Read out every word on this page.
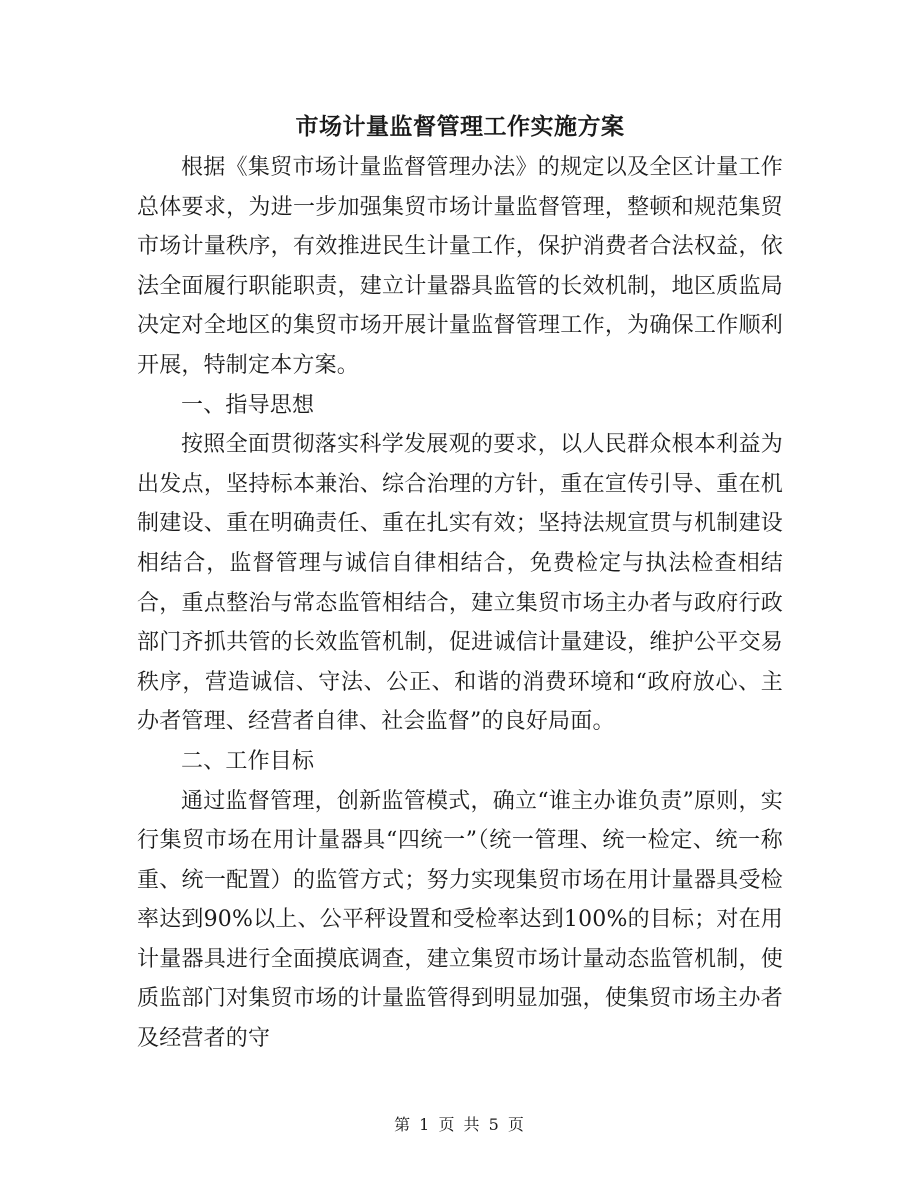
市场计量监督管理工作实施方案

根据《集贸市场计量监督管理办法》的规定以及全区计量工作总体要求，为进一步加强集贸市场计量监督管理，整顿和规范集贸市场计量秩序，有效推进民生计量工作，保护消费者合法权益，依法全面履行职能职责，建立计量器具监管的长效机制，地区质监局决定对全地区的集贸市场开展计量监督管理工作，为确保工作顺利开展，特制定本方案。

一、指导思想

按照全面贯彻落实科学发展观的要求，以人民群众根本利益为出发点，坚持标本兼治、综合治理的方针，重在宣传引导、重在机制建设、重在明确责任、重在扎实有效；坚持法规宣贯与机制建设相结合，监督管理与诚信自律相结合，免费检定与执法检查相结合，重点整治与常态监管相结合，建立集贸市场主办者与政府行政部门齐抓共管的长效监管机制，促进诚信计量建设，维护公平交易秩序，营造诚信、守法、公正、和谐的消费环境和“政府放心、主办者管理、经营者自律、社会监督”的良好局面。

二、工作目标

通过监督管理，创新监管模式，确立“谁主办谁负责”原则，实行集贸市场在用计量器具“四统一”（统一管理、统一检定、统一称重、统一配置）的监管方式；努力实现集贸市场在用计量器具受检率达到90%以上、公平秤设置和受检率达到100%的目标；对在用计量器具进行全面摸底调查，建立集贸市场计量动态监管机制，使质监部门对集贸市场的计量监管得到明显加强，使集贸市场主办者及经营者的守

第 1 页 共 5 页
